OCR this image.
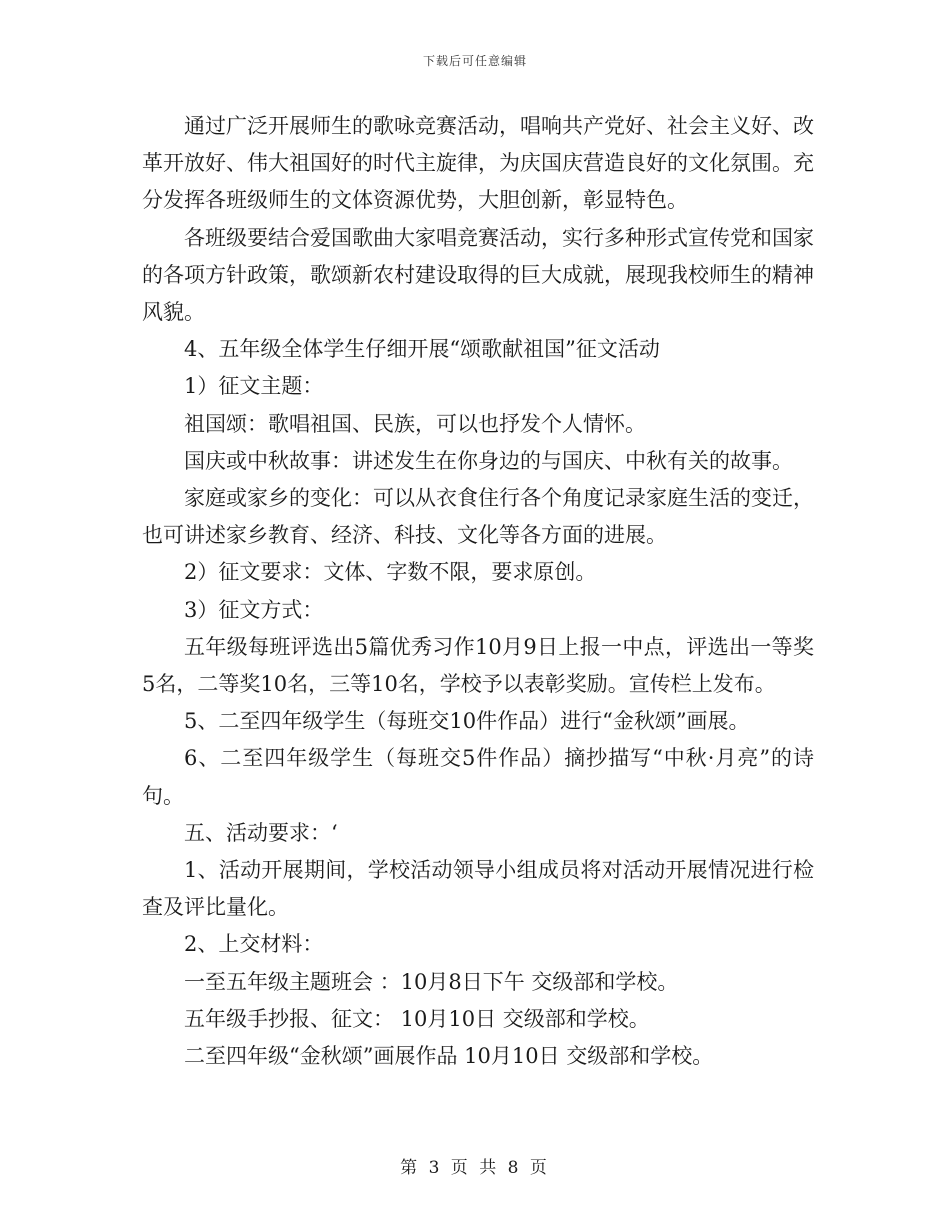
下载后可任意编辑

通过广泛开展师生的歌咏竞赛活动，唱响共产党好、社会主义好、改革开放好、伟大祖国好的时代主旋律，为庆国庆营造良好的文化氛围。充分发挥各班级师生的文体资源优势，大胆创新，彰显特色。

各班级要结合爱国歌曲大家唱竞赛活动，实行多种形式宣传党和国家的各项方针政策，歌颂新农村建设取得的巨大成就，展现我校师生的精神风貌。

4、五年级全体学生仔细开展“颂歌献祖国”征文活动

1）征文主题：

祖国颂：歌唱祖国、民族，可以也抒发个人情怀。

国庆或中秋故事：讲述发生在你身边的与国庆、中秋有关的故事。

家庭或家乡的变化：可以从衣食住行各个角度记录家庭生活的变迁，也可讲述家乡教育、经济、科技、文化等各方面的进展。

2）征文要求：文体、字数不限，要求原创。

3）征文方式：

五年级每班评选出5篇优秀习作10月9日上报一中点，评选出一等奖5名，二等奖10名，三等10名，学校予以表彰奖励。宣传栏上发布。

5、二至四年级学生（每班交10件作品）进行“金秋颂”画展。

6、二至四年级学生（每班交5件作品）摘抄描写“中秋·月亮”的诗句。

五、活动要求：‘

1、活动开展期间，学校活动领导小组成员将对活动开展情况进行检查及评比量化。

2、上交材料：

一至五年级主题班会 ：10月8日下午 交级部和学校。

五年级手抄报、征文： 10月10日 交级部和学校。

二至四年级“金秋颂”画展作品 10月10日 交级部和学校。

第 3 页 共 8 页
